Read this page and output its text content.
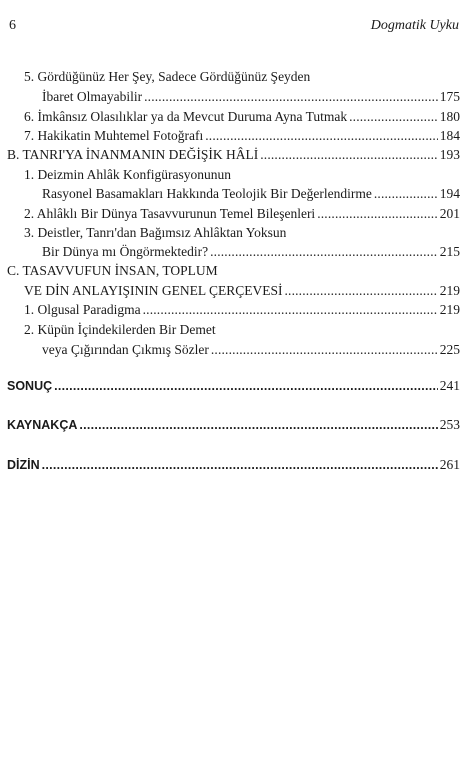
6	Dogmatik Uyku
5. Gördüğünüz Her Şey, Sadece Gördüğünüz Şeyden
İbaret Olmayabilir . . .	175
6. İmkânsız Olasılıklar ya da Mevcut Duruma Ayna Tutmak . . .	180
7. Hakikatin Muhtemel Fotoğrafı . . .	184
B. TANRI'YA İNANMANIN DEĞİŞİK HÂLİ . . .	193
1. Deizmin Ahlâk Konfigürasyonunun
Rasyonel Basamakları Hakkında Teolojik Bir Değerlendirme . . .	194
2. Ahlâklı Bir Dünya Tasavvurunun Temel Bileşenleri . . .	201
3. Deistler, Tanrı'dan Bağımsız Ahlâktan Yoksun
Bir Dünya mı Öngörmektedir? . . .	215
C. TASAVVUFUN İNSAN, TOPLUM
VE DİN ANLAYIŞININ GENEL ÇERÇEVESİ . . .	219
1. Olgusal Paradigma . . .	219
2. Küpün İçindekilerden Bir Demet
veya Çığırından Çıkmış Sözler . . .	225
SONUÇ . . .	241
KAYNAKÇA . . .	253
DİZİN . . .	261
